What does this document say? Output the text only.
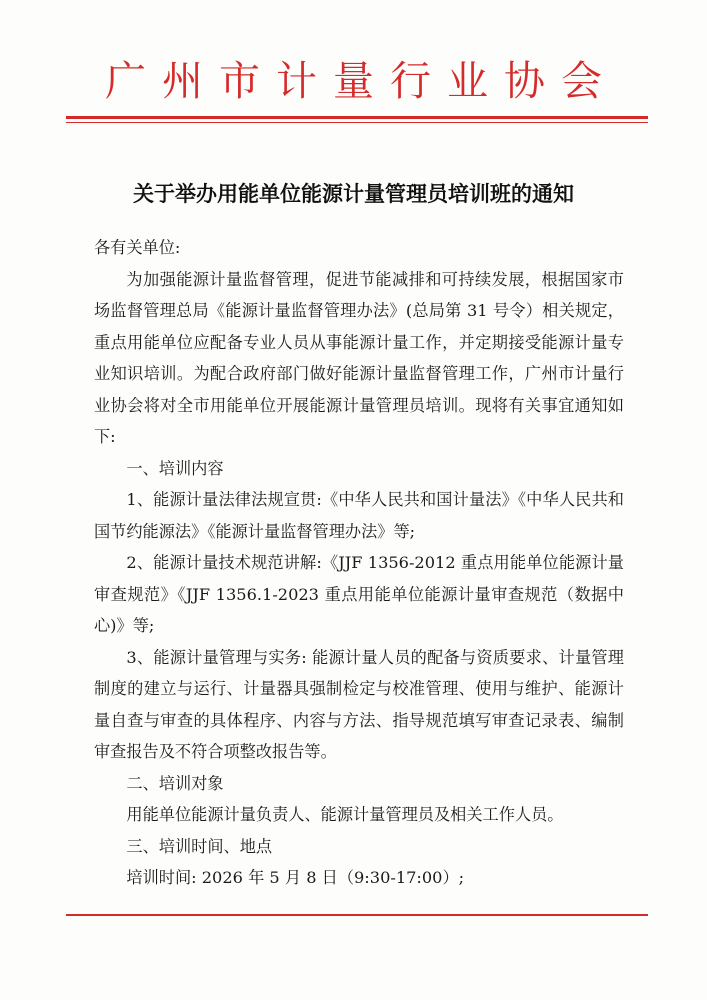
广州市计量行业协会
关于举办用能单位能源计量管理员培训班的通知

各有关单位:

为加强能源计量监督管理，促进节能减排和可持续发展，根据国家市场监督管理总局《能源计量监督管理办法》(总局第 31 号令）相关规定，重点用能单位应配备专业人员从事能源计量工作，并定期接受能源计量专业知识培训。为配合政府部门做好能源计量监督管理工作，广州市计量行业协会将对全市用能单位开展能源计量管理员培训。现将有关事宜通知如下:

一、培训内容

1、能源计量法律法规宣贯:《中华人民共和国计量法》《中华人民共和国节约能源法》《能源计量监督管理办法》等;

2、能源计量技术规范讲解:《JJF 1356-2012 重点用能单位能源计量审查规范》《JJF 1356.1-2023 重点用能单位能源计量审查规范（数据中心)》等;

3、能源计量管理与实务: 能源计量人员的配备与资质要求、计量管理制度的建立与运行、计量器具强制检定与校准管理、使用与维护、能源计量自查与审查的具体程序、内容与方法、指导规范填写审查记录表、编制审查报告及不符合项整改报告等。

二、培训对象

用能单位能源计量负责人、能源计量管理员及相关工作人员。

三、培训时间、地点

培训时间: 2026 年 5 月 8 日（9:30-17:00）;
